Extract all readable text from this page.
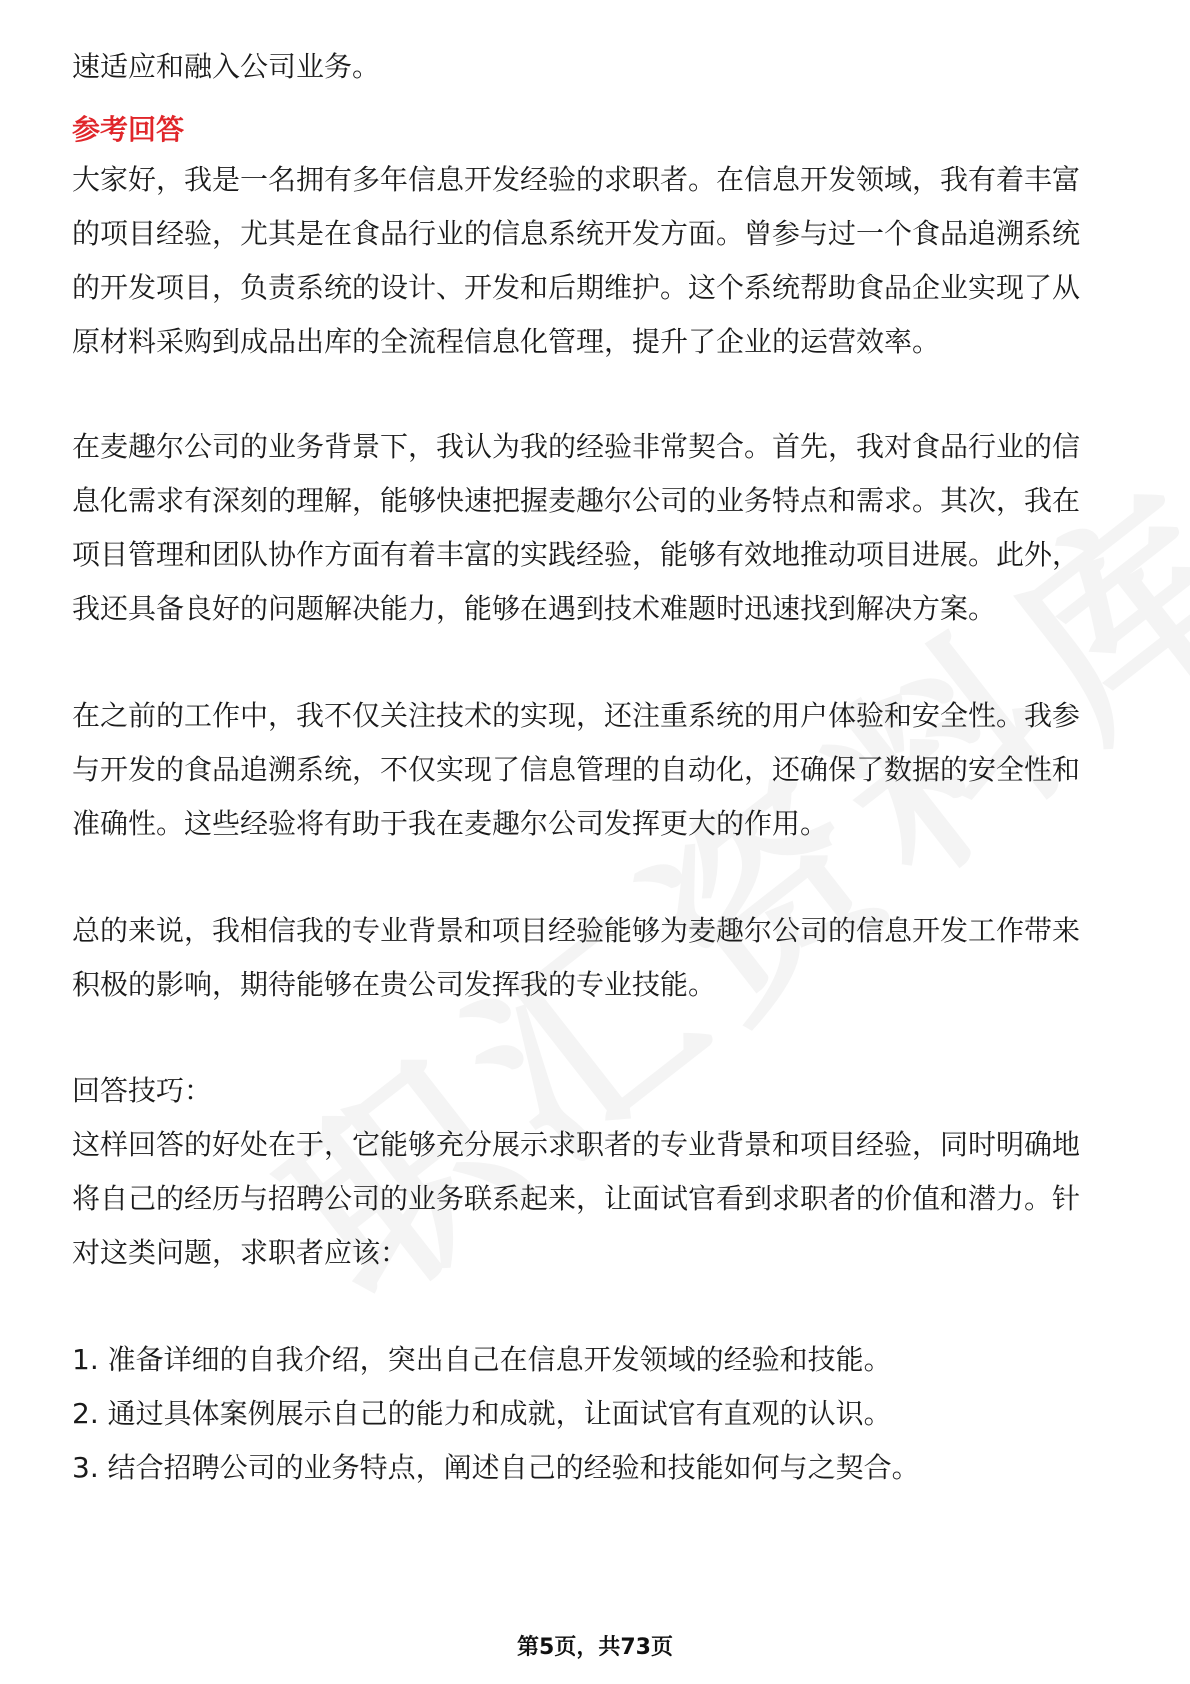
速适应和融入公司业务。
参考回答
大家好，我是一名拥有多年信息开发经验的求职者。在信息开发领域，我有着丰富
的项目经验，尤其是在食品行业的信息系统开发方面。曾参与过一个食品追溯系统
的开发项目，负责系统的设计、开发和后期维护。这个系统帮助食品企业实现了从
原材料采购到成品出库的全流程信息化管理，提升了企业的运营效率。
在麦趣尔公司的业务背景下，我认为我的经验非常契合。首先，我对食品行业的信
息化需求有深刻的理解，能够快速把握麦趣尔公司的业务特点和需求。其次，我在
项目管理和团队协作方面有着丰富的实践经验，能够有效地推动项目进展。此外，
我还具备良好的问题解决能力，能够在遇到技术难题时迅速找到解决方案。
在之前的工作中，我不仅关注技术的实现，还注重系统的用户体验和安全性。我参
与开发的食品追溯系统，不仅实现了信息管理的自动化，还确保了数据的安全性和
准确性。这些经验将有助于我在麦趣尔公司发挥更大的作用。
总的来说，我相信我的专业背景和项目经验能够为麦趣尔公司的信息开发工作带来
积极的影响，期待能够在贵公司发挥我的专业技能。
回答技巧：
这样回答的好处在于，它能够充分展示求职者的专业背景和项目经验，同时明确地
将自己的经历与招聘公司的业务联系起来，让面试官看到求职者的价值和潜力。针
对这类问题，求职者应该：
1. 准备详细的自我介绍，突出自己在信息开发领域的经验和技能。
2. 通过具体案例展示自己的能力和成就，让面试官有直观的认识。
3. 结合招聘公司的业务特点，阐述自己的经验和技能如何与之契合。
第5页，共73页
